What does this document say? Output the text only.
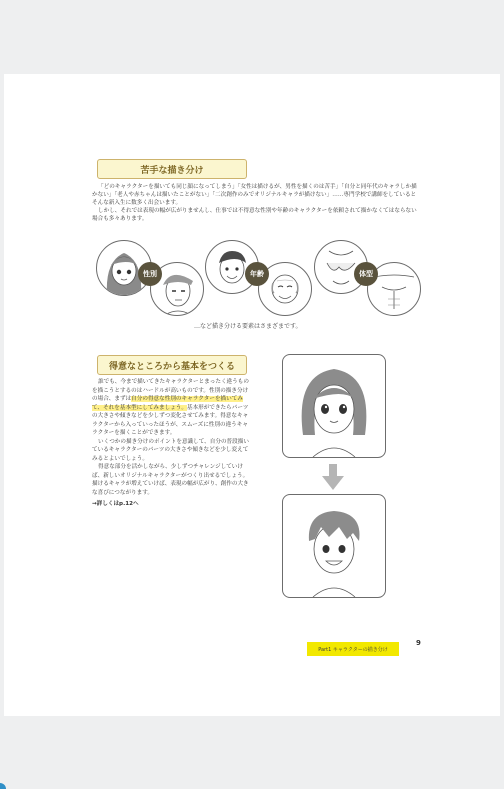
苦手な描き分け

「どのキャラクターを描いても同じ顔になってしまう」「女性は描けるが、男性を描くのは苦手」「自分と同年代のキャラしか描かない」「老人や赤ちゃんは描いたことがない」「二次創作のみでオリジナルキャラが描けない」……専門学校で講師をしているとそんな新入生に数多く出会います。

しかし、それでは表現の幅が広がりませんし、仕事では不得意な性別や年齢のキャラクターを依頼されて描かなくてはならない場合も多々あります。

性別	年齢	体型
…など描き分ける要素はさまざまです。
得意なところから基本をつくる

誰でも、今まで描いてきたキャラクターとまったく違うものを描こうとするのはハードルが高いものです。性別の描き分けの場合、まずは自分の得意な性別のキャラクターを描いてみて、それを基本型にしてみましょう。基本形ができたらパーツの大きさや傾きなどを少しずつ変化させてみます。得意なキャラクターから入っていったほうが、スムーズに性別の違うキャラクターを描くことができます。

いくつかの描き分けのポイントを意識して、自分の普段描いているキャラクターのパーツの大きさや傾きなどを少し変えてみるとよいでしょう。

得意な部分を活かしながら、少しずつチャレンジしていけば、新しいオリジナルキャラクターがつくり出せるでしょう。描けるキャラが増えていけば、表現の幅が広がり、創作の大きな喜びにつながります。

→詳しくはp.12へ

Part1 キャラクターの描き分け
9
